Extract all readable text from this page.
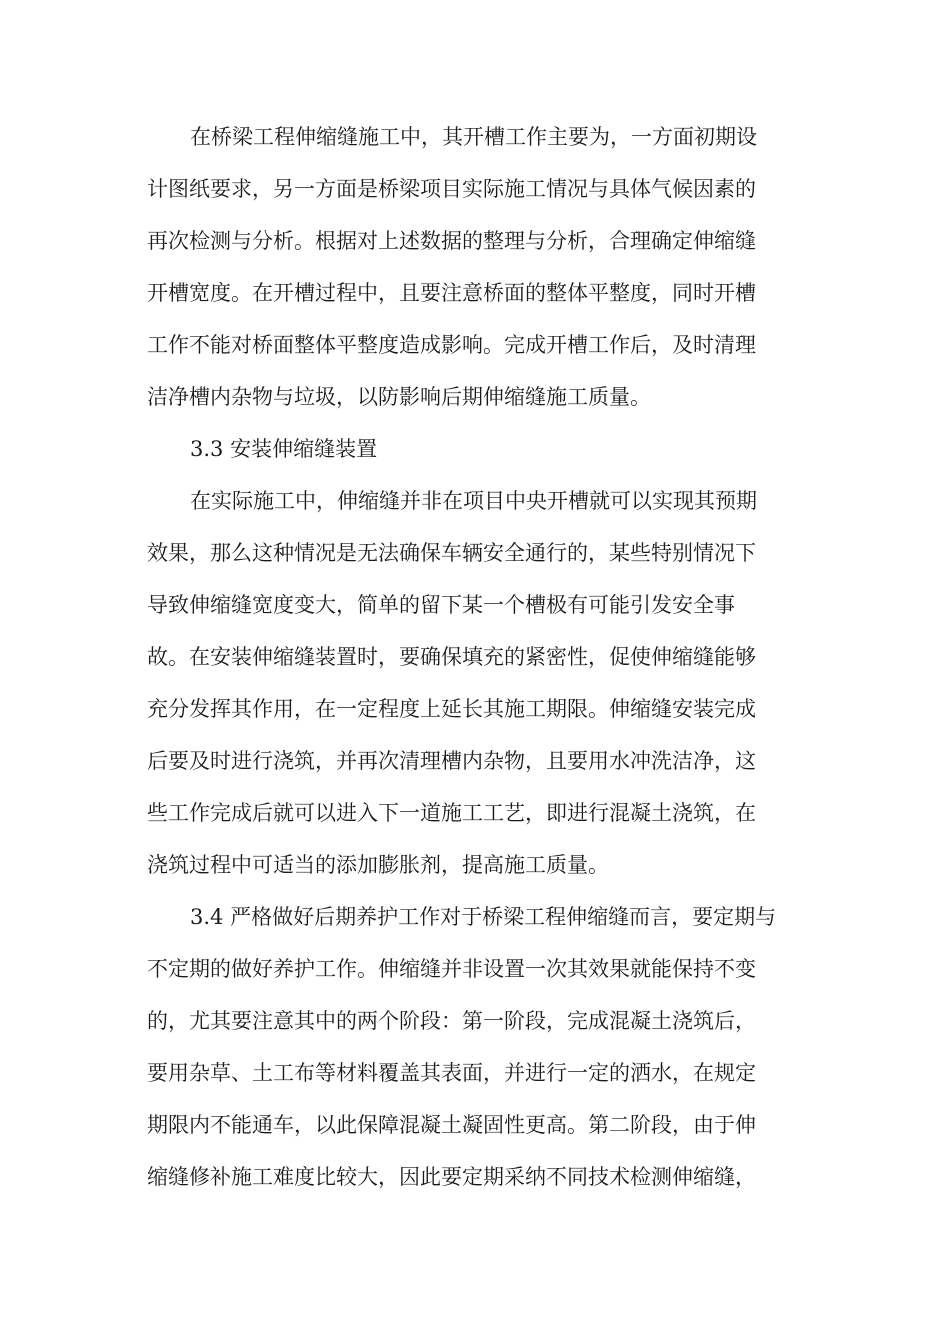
在桥梁工程伸缩缝施工中，其开槽工作主要为，一方面初期设
计图纸要求，另一方面是桥梁项目实际施工情况与具体气候因素的
再次检测与分析。根据对上述数据的整理与分析，合理确定伸缩缝
开槽宽度。在开槽过程中，且要注意桥面的整体平整度，同时开槽
工作不能对桥面整体平整度造成影响。完成开槽工作后，及时清理
洁净槽内杂物与垃圾，以防影响后期伸缩缝施工质量。
3.3 安装伸缩缝装置
在实际施工中，伸缩缝并非在项目中央开槽就可以实现其预期
效果，那么这种情况是无法确保车辆安全通行的，某些特别情况下
导致伸缩缝宽度变大，简单的留下某一个槽极有可能引发安全事
故。在安装伸缩缝装置时，要确保填充的紧密性，促使伸缩缝能够
充分发挥其作用，在一定程度上延长其施工期限。伸缩缝安装完成
后要及时进行浇筑，并再次清理槽内杂物，且要用水冲洗洁净，这
些工作完成后就可以进入下一道施工工艺，即进行混凝土浇筑，在
浇筑过程中可适当的添加膨胀剂，提高施工质量。
3.4 严格做好后期养护工作对于桥梁工程伸缩缝而言，要定期与
不定期的做好养护工作。伸缩缝并非设置一次其效果就能保持不变
的，尤其要注意其中的两个阶段：第一阶段，完成混凝土浇筑后，
要用杂草、土工布等材料覆盖其表面，并进行一定的洒水，在规定
期限内不能通车，以此保障混凝土凝固性更高。第二阶段，由于伸
缩缝修补施工难度比较大，因此要定期采纳不同技术检测伸缩缝，
